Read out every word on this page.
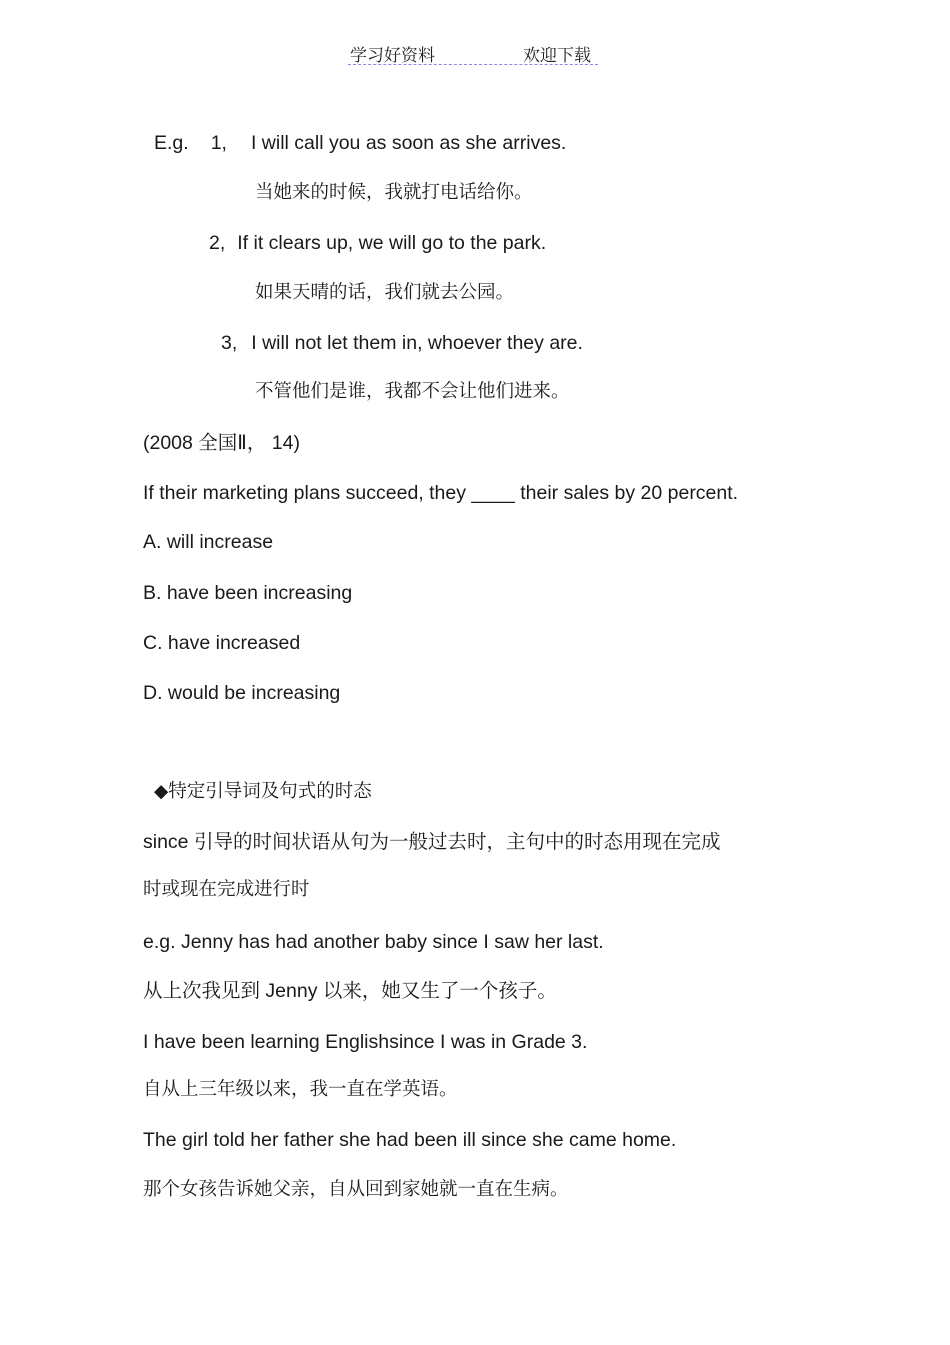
学习好资料	欢迎下载
E.g. 1, I will call you as soon as she arrives.
当她来的时候，我就打电话给你。
2, If it clears up, we will go to the park.
如果天晴的话，我们就去公园。
3, I will not let them in, whoever they are.
不管他们是谁，我都不会让他们进来。
(2008 全国Ⅱ， 14)
If their marketing plans succeed, they ____ their sales by 20 percent.
A. will increase
B. have been increasing
C. have increased
D. would be increasing
◆特定引导词及句式的时态
since 引导的时间状语从句为一般过去时，主句中的时态用现在完成
时或现在完成进行时
e.g. Jenny has had another baby since I saw her last.
从上次我见到 Jenny 以来，她又生了一个孩子。
I have been learning Englishsince I was in Grade 3.
自从上三年级以来，我一直在学英语。
The girl told her father she had been ill since she came home.
那个女孩告诉她父亲，自从回到家她就一直在生病。
